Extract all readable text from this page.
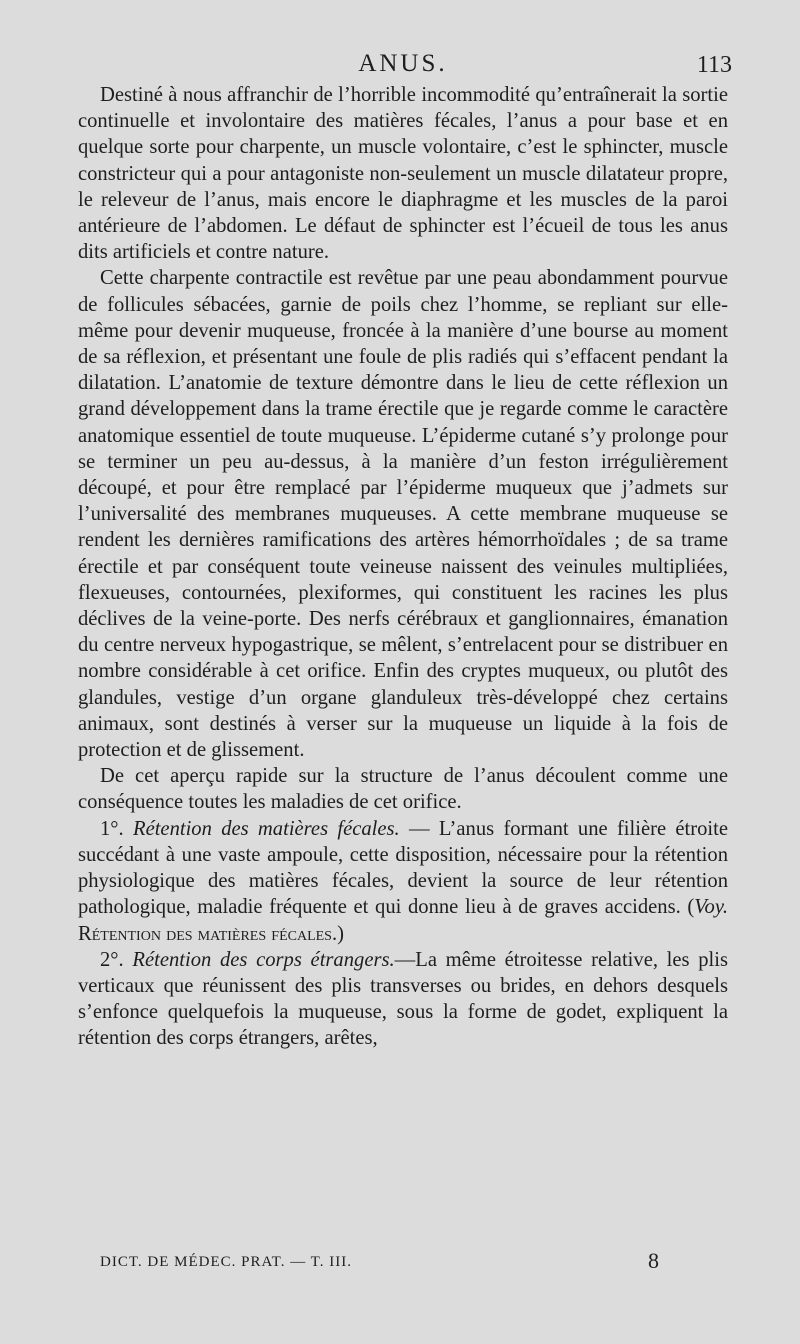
ANUS.	113

Destiné à nous affranchir de l’horrible incommodité qu’entraînerait la sortie continuelle et involontaire des matières fécales, l’anus a pour base et en quelque sorte pour charpente, un muscle volontaire, c’est le sphincter, muscle constricteur qui a pour antagoniste non-seulement un muscle dilatateur propre, le releveur de l’anus, mais encore le diaphragme et les muscles de la paroi antérieure de l’abdomen. Le défaut de sphincter est l’écueil de tous les anus dits artificiels et contre nature.

Cette charpente contractile est revêtue par une peau abondamment pourvue de follicules sébacées, garnie de poils chez l’homme, se repliant sur elle-même pour devenir muqueuse, froncée à la manière d’une bourse au moment de sa réflexion, et présentant une foule de plis radiés qui s’effacent pendant la dilatation. L’anatomie de texture démontre dans le lieu de cette réflexion un grand développement dans la trame érectile que je regarde comme le caractère anatomique essentiel de toute muqueuse. L’épiderme cutané s’y prolonge pour se terminer un peu au-dessus, à la manière d’un feston irrégulièrement découpé, et pour être remplacé par l’épiderme muqueux que j’admets sur l’universalité des membranes muqueuses. A cette membrane muqueuse se rendent les dernières ramifications des artères hémorrhoïdales ; de sa trame érectile et par conséquent toute veineuse naissent des veinules multipliées, flexueuses, contournées, plexiformes, qui constituent les racines les plus déclives de la veine-porte. Des nerfs cérébraux et ganglionnaires, émanation du centre nerveux hypogastrique, se mêlent, s’entrelacent pour se distribuer en nombre considérable à cet orifice. Enfin des cryptes muqueux, ou plutôt des glandules, vestige d’un organe glanduleux très-développé chez certains animaux, sont destinés à verser sur la muqueuse un liquide à la fois de protection et de glissement.

De cet aperçu rapide sur la structure de l’anus découlent comme une conséquence toutes les maladies de cet orifice.

1°. Rétention des matières fécales. — L’anus formant une filière étroite succédant à une vaste ampoule, cette disposition, nécessaire pour la rétention physiologique des matières fécales, devient la source de leur rétention pathologique, maladie fréquente et qui donne lieu à de graves accidens. (Voy. Rétention des matières fécales.)

2°. Rétention des corps étrangers.—La même étroitesse relative, les plis verticaux que réunissent des plis transverses ou brides, en dehors desquels s’enfonce quelquefois la muqueuse, sous la forme de godet, expliquent la rétention des corps étrangers, arêtes,

DICT. DE MÉDEC. PRAT. — T. III.	8
